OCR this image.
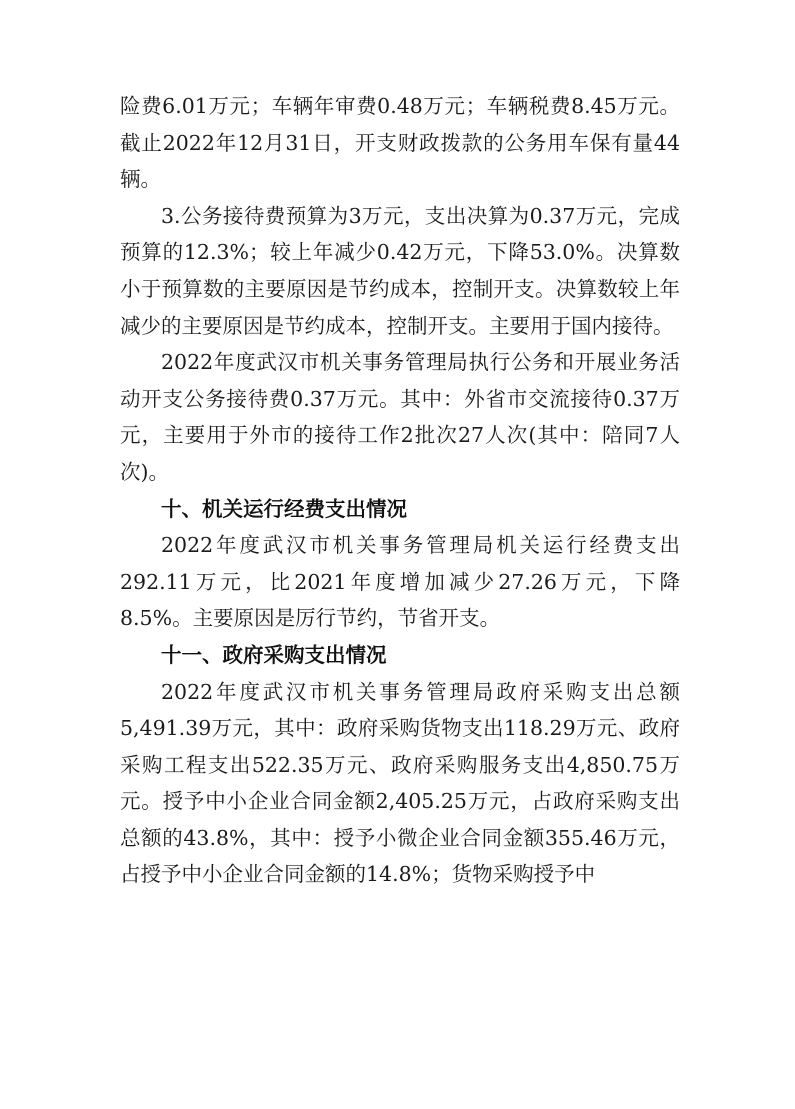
险费6.01万元；车辆年审费0.48万元；车辆税费8.45万元。截止2022年12月31日，开支财政拨款的公务用车保有量44辆。

3.公务接待费预算为3万元，支出决算为0.37万元，完成预算的12.3%；较上年减少0.42万元，下降53.0%。决算数小于预算数的主要原因是节约成本，控制开支。决算数较上年减少的主要原因是节约成本，控制开支。主要用于国内接待。

2022年度武汉市机关事务管理局执行公务和开展业务活动开支公务接待费0.37万元。其中：外省市交流接待0.37万元，主要用于外市的接待工作2批次27人次(其中：陪同7人次)。

十、机关运行经费支出情况

2022年度武汉市机关事务管理局机关运行经费支出292.11万元，比2021年度增加减少27.26万元，下降8.5%。主要原因是厉行节约，节省开支。

十一、政府采购支出情况

2022年度武汉市机关事务管理局政府采购支出总额5,491.39万元，其中：政府采购货物支出118.29万元、政府采购工程支出522.35万元、政府采购服务支出4,850.75万元。授予中小企业合同金额2,405.25万元，占政府采购支出总额的43.8%，其中：授予小微企业合同金额355.46万元，占授予中小企业合同金额的14.8%；货物采购授予中
